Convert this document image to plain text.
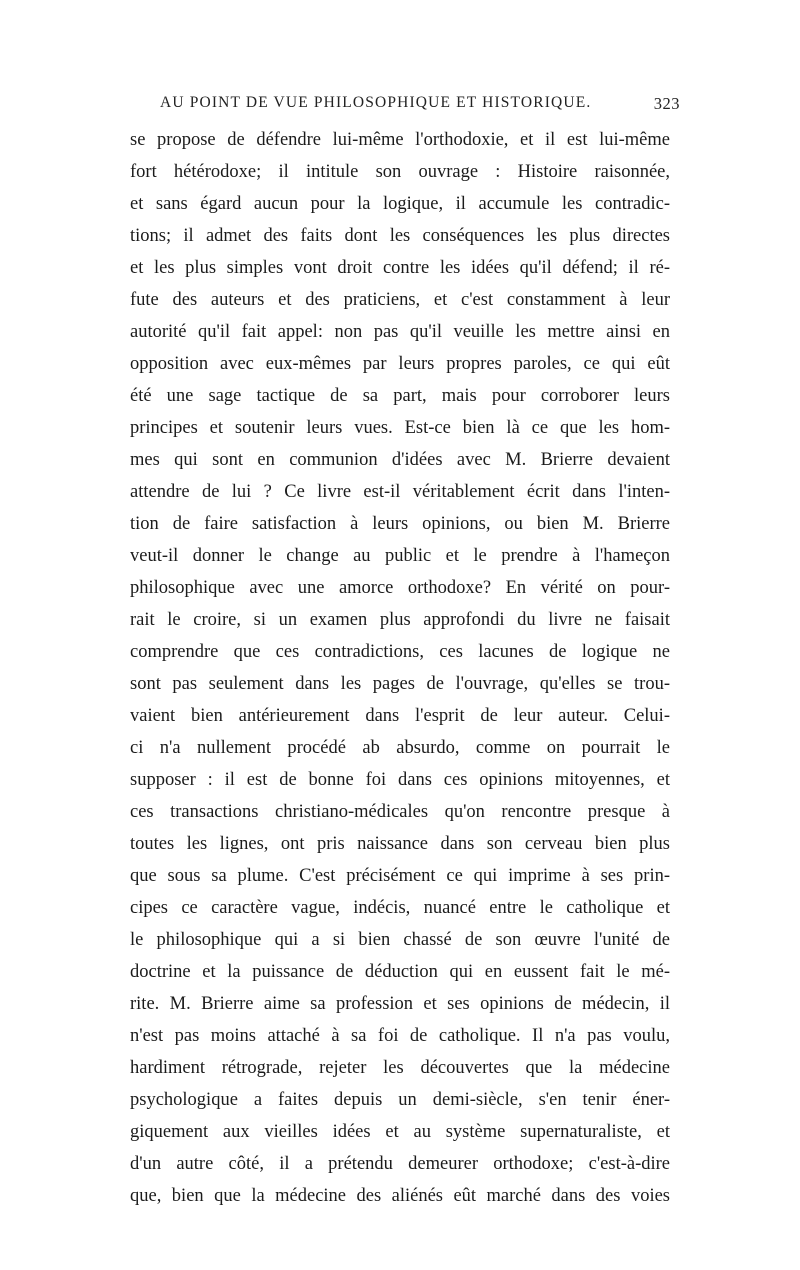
AU POINT DE VUE PHILOSOPHIQUE ET HISTORIQUE.	323
se propose de défendre lui-même l'orthodoxie, et il est lui-même
fort hétérodoxe; il intitule son ouvrage : Histoire raisonnée,
et sans égard aucun pour la logique, il accumule les contradic-
tions; il admet des faits dont les conséquences les plus directes
et les plus simples vont droit contre les idées qu'il défend; il ré-
fute des auteurs et des praticiens, et c'est constamment à leur
autorité qu'il fait appel: non pas qu'il veuille les mettre ainsi en
opposition avec eux-mêmes par leurs propres paroles, ce qui eût
été une sage tactique de sa part, mais pour corroborer leurs
principes et soutenir leurs vues. Est-ce bien là ce que les hom-
mes qui sont en communion d'idées avec M. Brierre devaient
attendre de lui ? Ce livre est-il véritablement écrit dans l'inten-
tion de faire satisfaction à leurs opinions, ou bien M. Brierre
veut-il donner le change au public et le prendre à l'hameçon
philosophique avec une amorce orthodoxe? En vérité on pour-
rait le croire, si un examen plus approfondi du livre ne faisait
comprendre que ces contradictions, ces lacunes de logique ne
sont pas seulement dans les pages de l'ouvrage, qu'elles se trou-
vaient bien antérieurement dans l'esprit de leur auteur. Celui-
ci n'a nullement procédé ab absurdo, comme on pourrait le
supposer : il est de bonne foi dans ces opinions mitoyennes, et
ces transactions christiano-médicales qu'on rencontre presque à
toutes les lignes, ont pris naissance dans son cerveau bien plus
que sous sa plume. C'est précisément ce qui imprime à ses prin-
cipes ce caractère vague, indécis, nuancé entre le catholique et
le philosophique qui a si bien chassé de son œuvre l'unité de
doctrine et la puissance de déduction qui en eussent fait le mé-
rite. M. Brierre aime sa profession et ses opinions de médecin, il
n'est pas moins attaché à sa foi de catholique. Il n'a pas voulu,
hardiment rétrograde, rejeter les découvertes que la médecine
psychologique a faites depuis un demi-siècle, s'en tenir éner-
giquement aux vieilles idées et au système supernaturaliste, et
d'un autre côté, il a prétendu demeurer orthodoxe; c'est-à-dire
que, bien que la médecine des aliénés eût marché dans des voies
